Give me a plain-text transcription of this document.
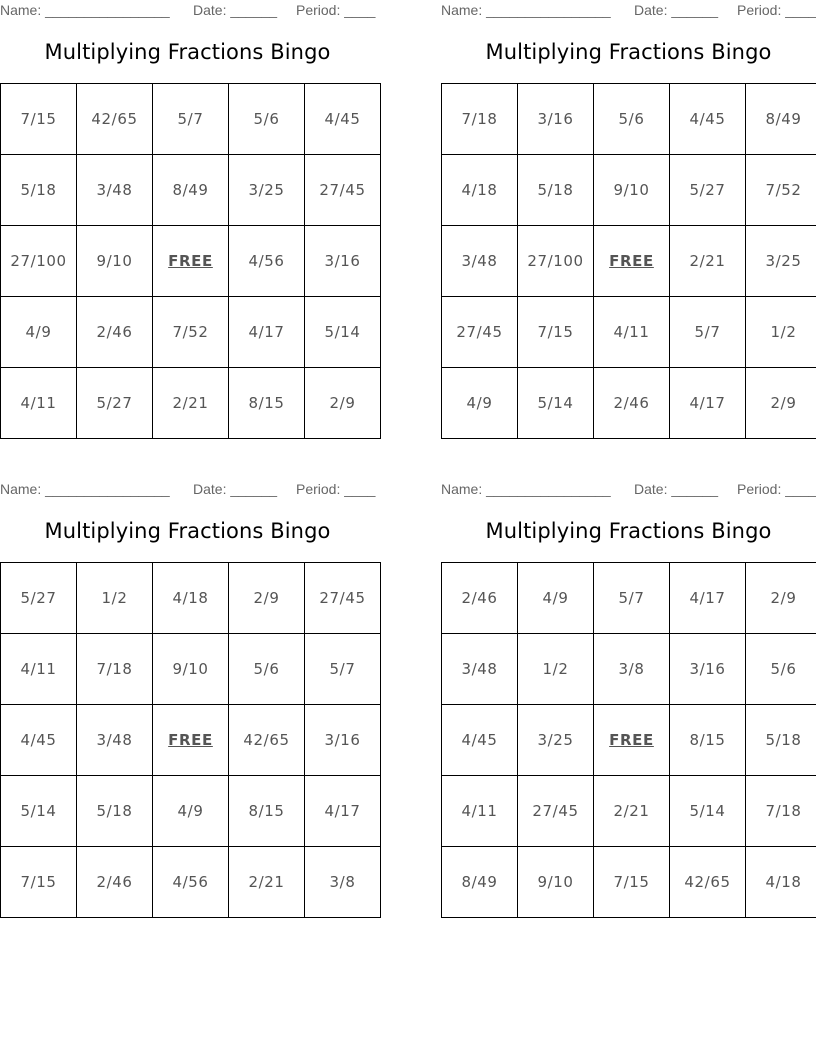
Name: ________________ Date: ______ Period: ____
Multiplying Fractions Bingo
7/15	42/65	5/7	5/6	4/45
5/18	3/48	8/49	3/25	27/45
27/100	9/10	FREE	4/56	3/16
4/9	2/46	7/52	4/17	5/14
4/11	5/27	2/21	8/15	2/9
Name: ________________ Date: ______ Period: ____
Multiplying Fractions Bingo
7/18	3/16	5/6	4/45	8/49
4/18	5/18	9/10	5/27	7/52
3/48	27/100	FREE	2/21	3/25
27/45	7/15	4/11	5/7	1/2
4/9	5/14	2/46	4/17	2/9
Name: ________________ Date: ______ Period: ____
Multiplying Fractions Bingo
5/27	1/2	4/18	2/9	27/45
4/11	7/18	9/10	5/6	5/7
4/45	3/48	FREE	42/65	3/16
5/14	5/18	4/9	8/15	4/17
7/15	2/46	4/56	2/21	3/8
Name: ________________ Date: ______ Period: ____
Multiplying Fractions Bingo
2/46	4/9	5/7	4/17	2/9
3/48	1/2	3/8	3/16	5/6
4/45	3/25	FREE	8/15	5/18
4/11	27/45	2/21	5/14	7/18
8/49	9/10	7/15	42/65	4/18
